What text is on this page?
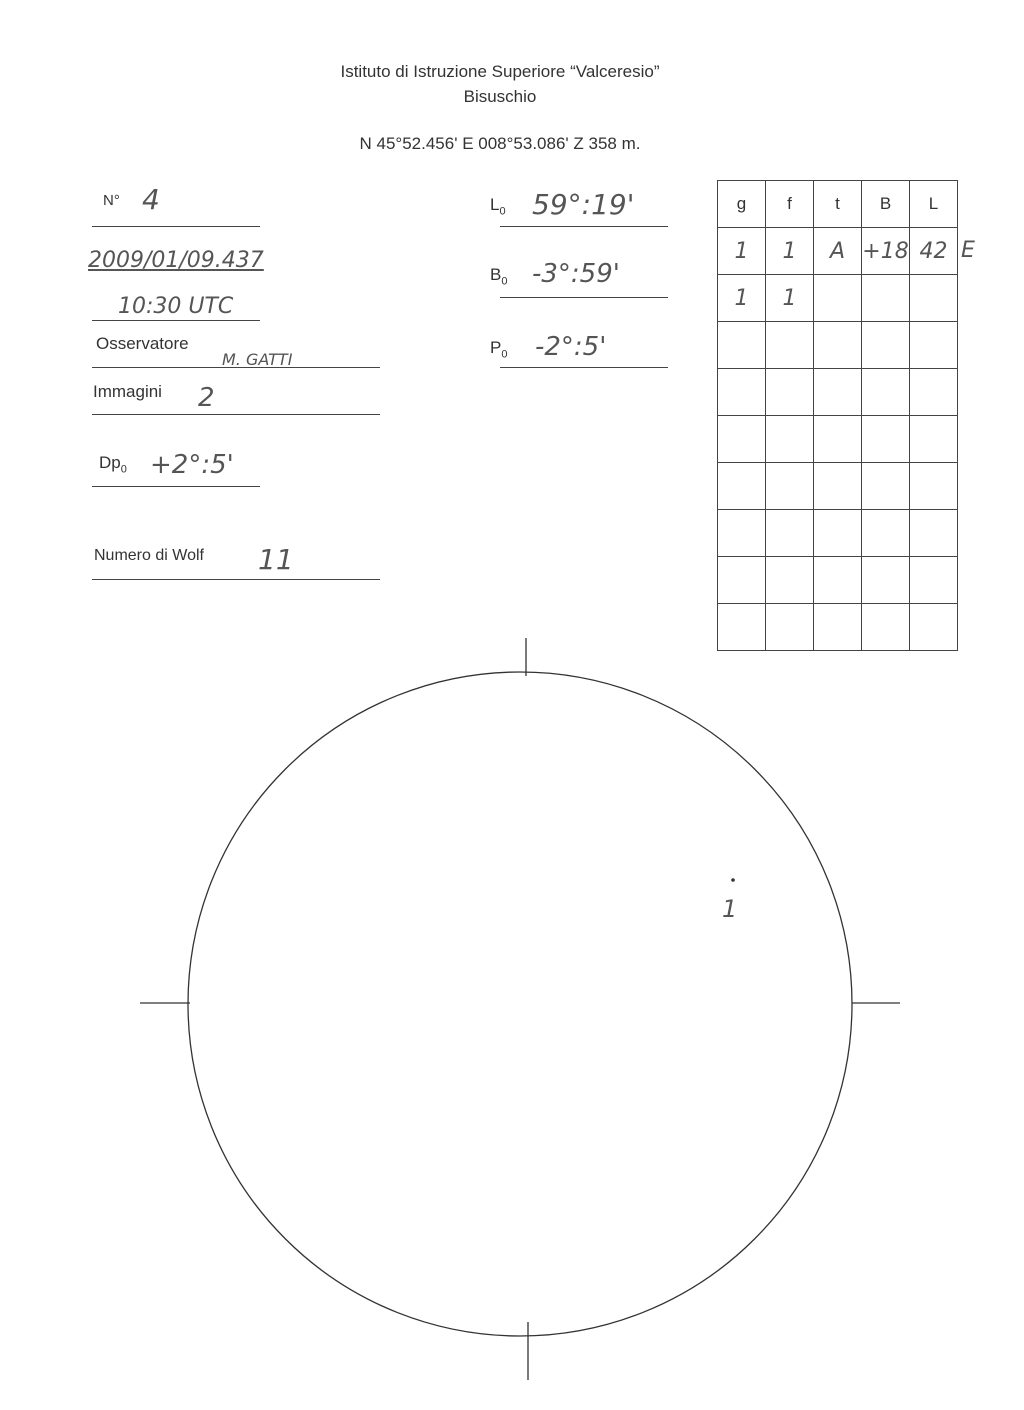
Istituto di Istruzione Superiore “Valceresio”
Bisuschio
N 45°52.456' E 008°53.086' Z 358 m.
N° 4
2009/01/09.437
10:30 UTC
Osservatore
M. GATTI
Immagini 2
$Dp_0$ +2°:5'
Numero di Wolf 11
$L_0$ 59°:19'
$B_0$ -3°:59'
$P_0$ -2°:5'
g	f	t	B	L
1	1	A	+18	42
1	1			

E
1
